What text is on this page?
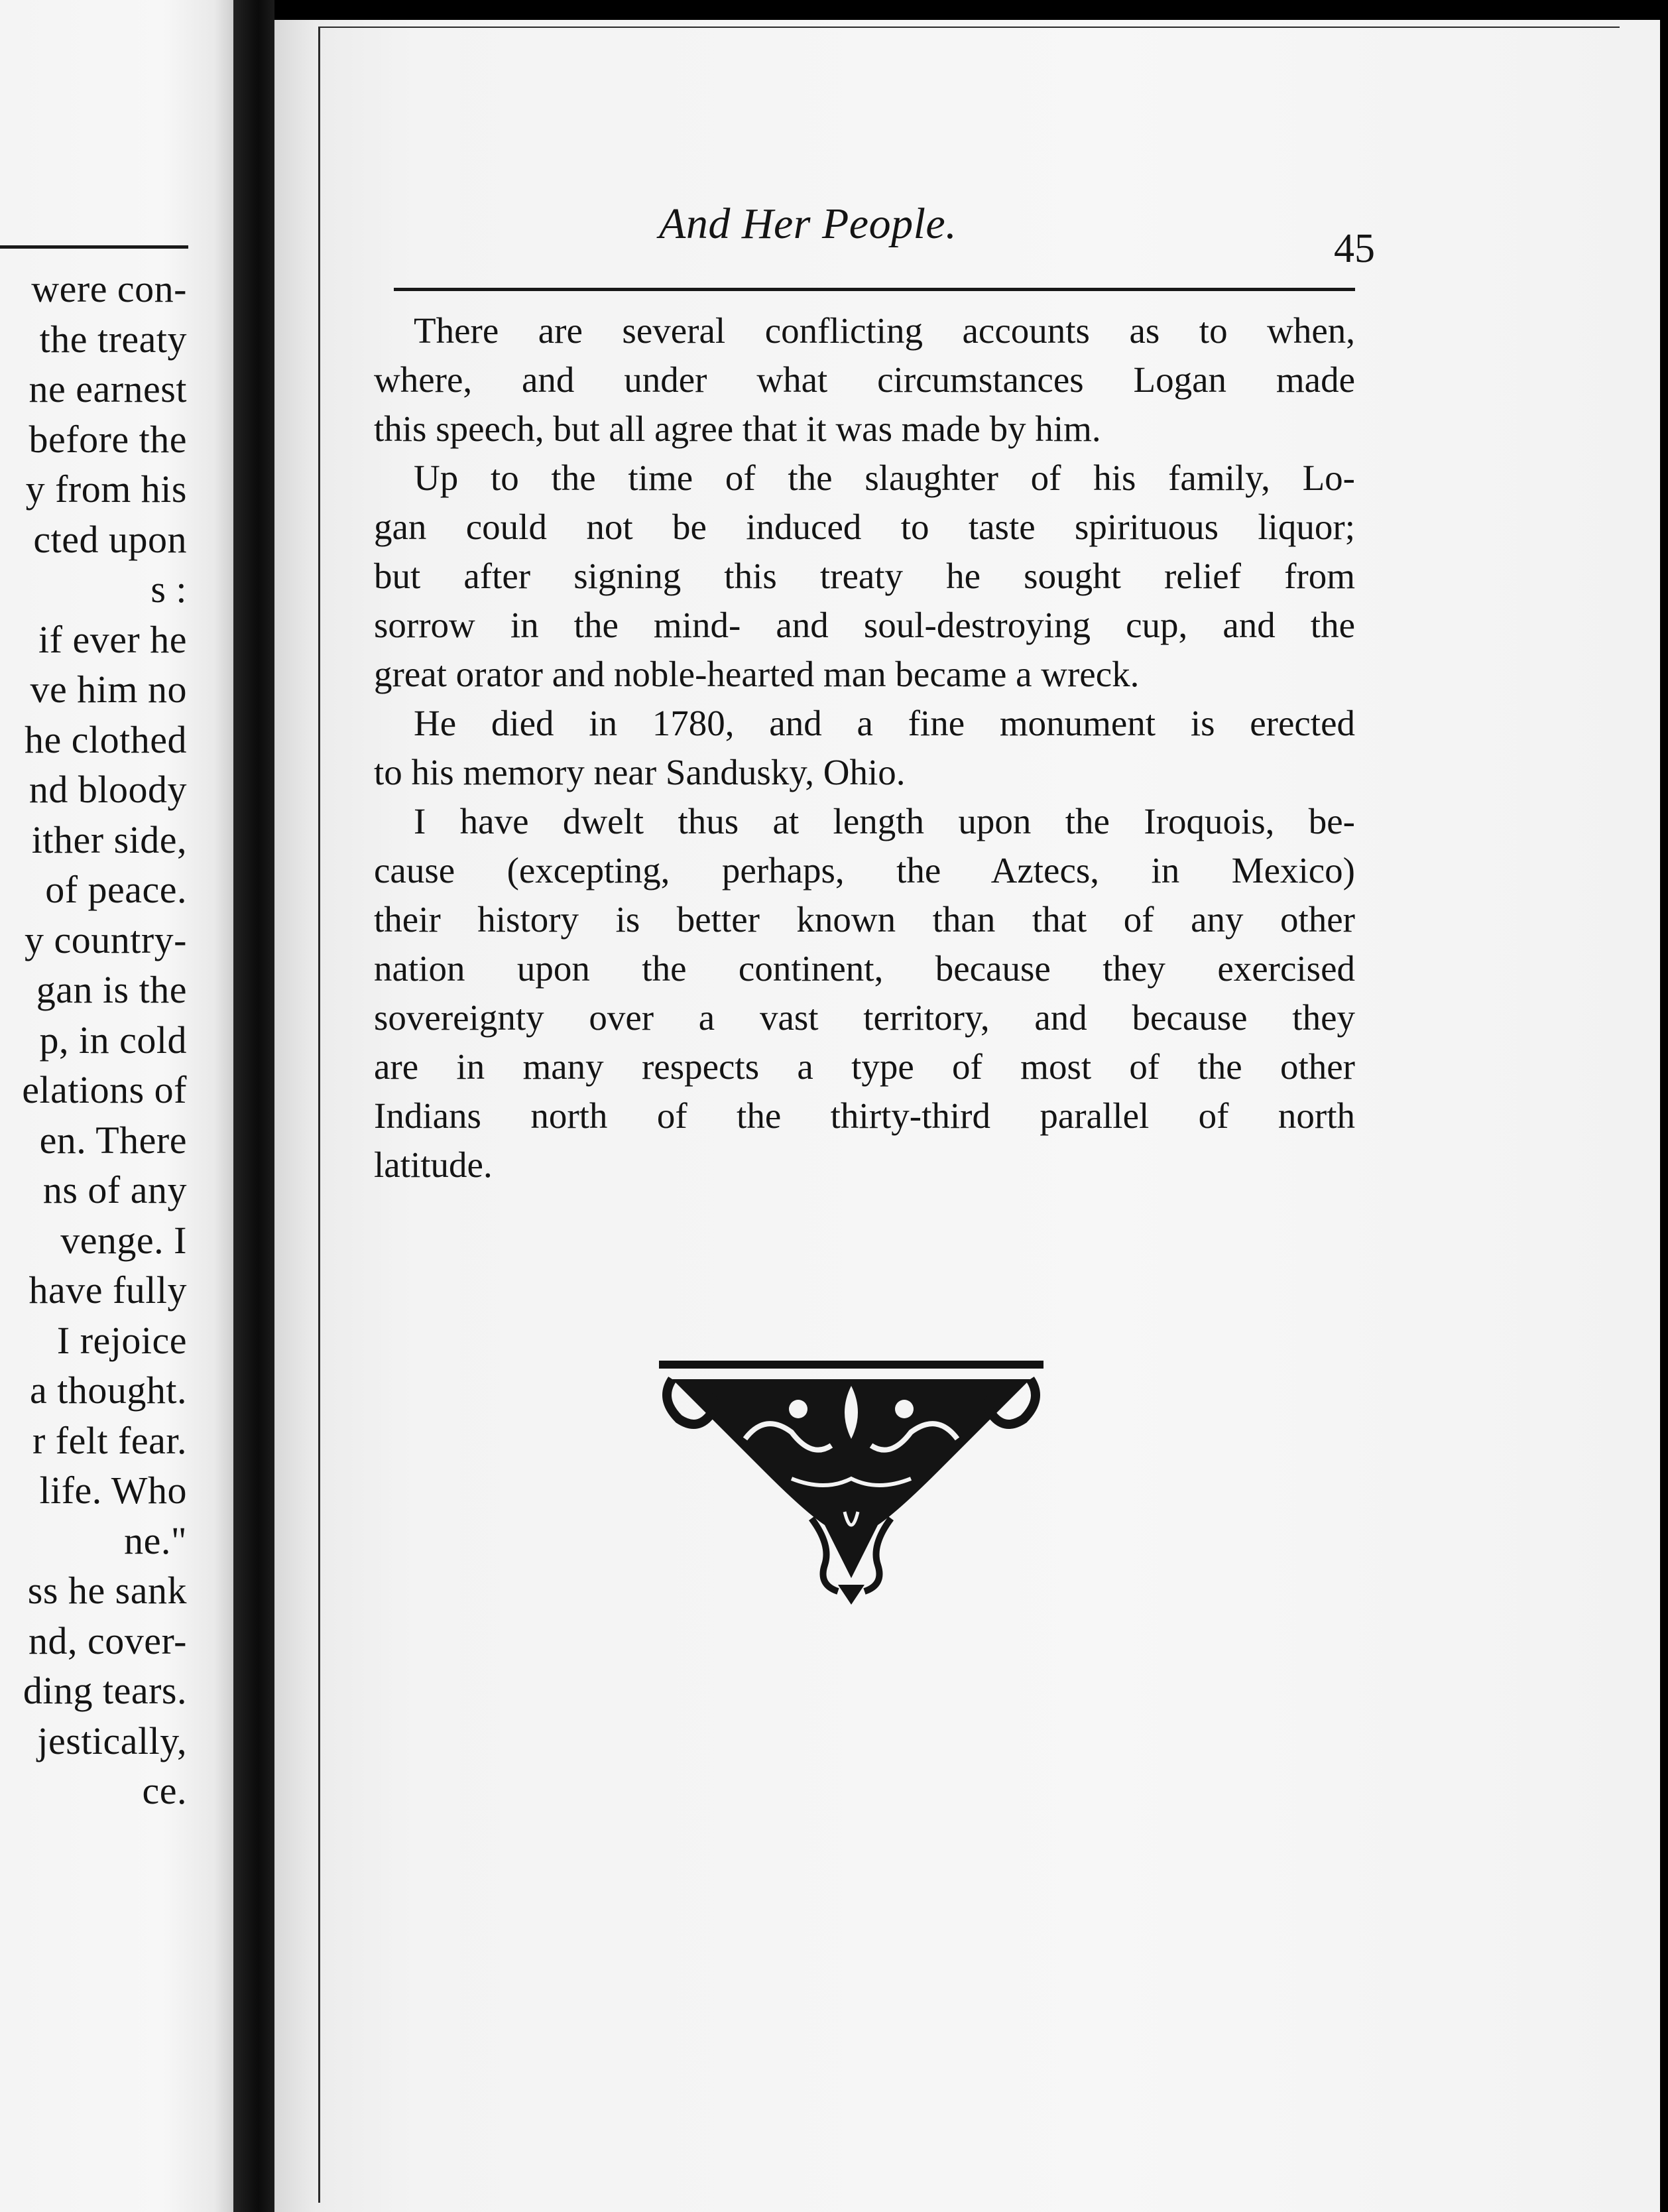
were con-
the treaty
ne earnest
before the
y from his
cted upon
s :
if ever he
ve him no
he clothed
nd bloody
ither side,
of peace.
y country-
gan is the
p, in cold
elations of
en. There
ns of any
venge. I
have fully
I rejoice
a thought.
r felt fear.
life. Who
ne."
ss he sank
nd, cover-
ding tears.
jestically,
ce.
And Her People.
45
There are several conflicting accounts as to when,
where, and under what circumstances Logan made
this speech, but all agree that it was made by him.
Up to the time of the slaughter of his family, Lo-
gan could not be induced to taste spirituous liquor;
but after signing this treaty he sought relief from
sorrow in the mind- and soul-destroying cup, and the
great orator and noble-hearted man became a wreck.
He died in 1780, and a fine monument is erected
to his memory near Sandusky, Ohio.
I have dwelt thus at length upon the Iroquois, be-
cause (excepting, perhaps, the Aztecs, in Mexico)
their history is better known than that of any other
nation upon the continent, because they exercised
sovereignty over a vast territory, and because they
are in many respects a type of most of the other
Indians north of the thirty-third parallel of north
latitude.
